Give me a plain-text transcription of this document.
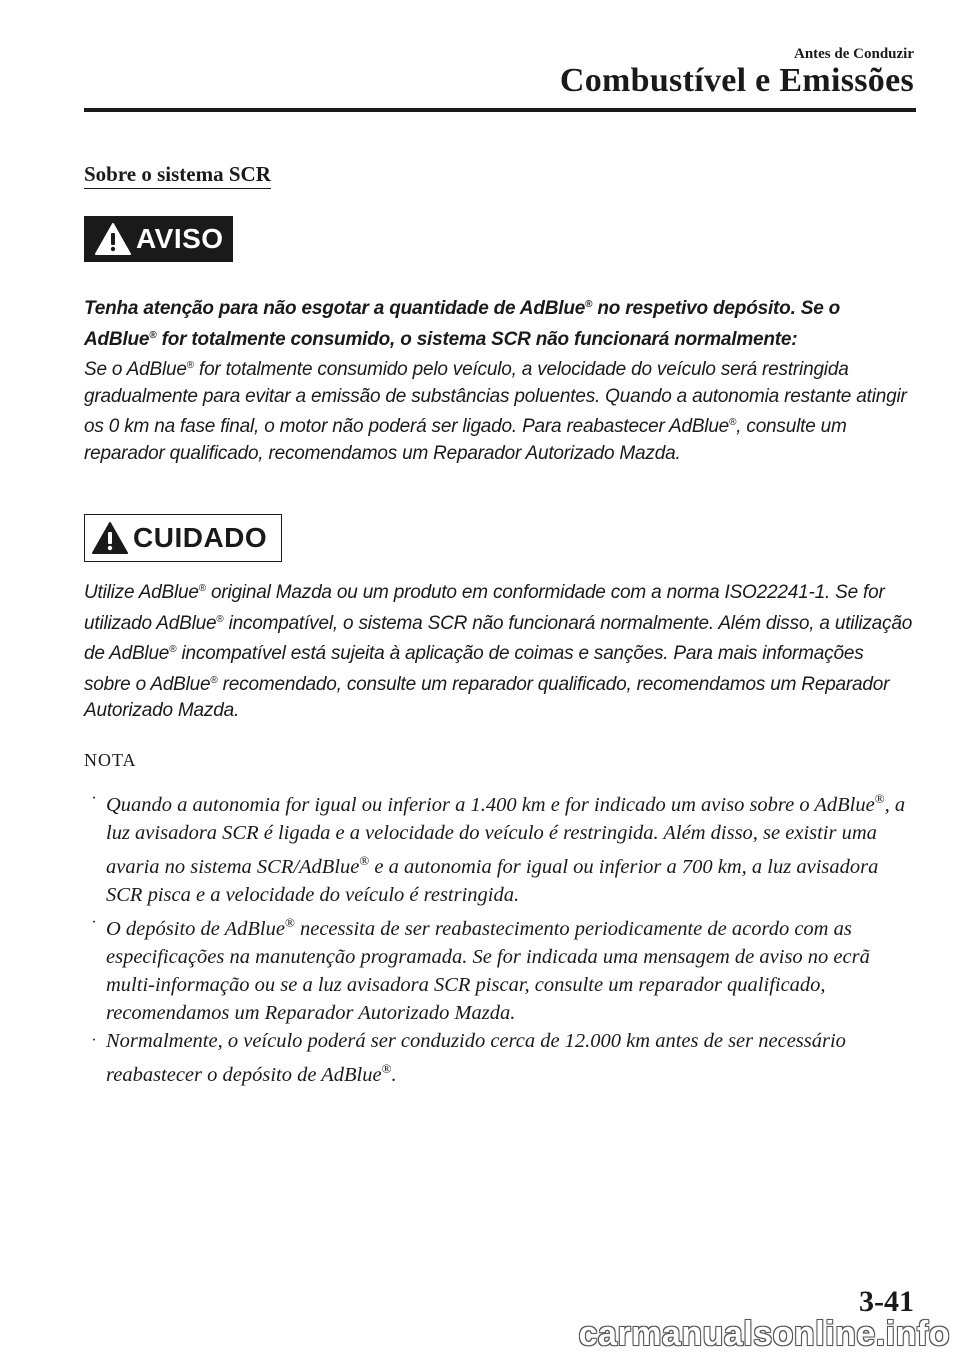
Antes de Conduzir
Combustível e Emissões
Sobre o sistema SCR
AVISO

Tenha atenção para não esgotar a quantidade de AdBlue® no respetivo depósito. Se o
AdBlue® for totalmente consumido, o sistema SCR não funcionará normalmente:

Se o AdBlue® for totalmente consumido pelo veículo, a velocidade do veículo será restringida gradualmente para evitar a emissão de substâncias poluentes. Quando a autonomia restante atingir os 0 km na fase final, o motor não poderá ser ligado. Para reabastecer AdBlue®, consulte um reparador qualificado, recomendamos um Reparador Autorizado Mazda.

CUIDADO

Utilize AdBlue® original Mazda ou um produto em conformidade com a norma ISO22241-1. Se for utilizado AdBlue® incompatível, o sistema SCR não funcionará normalmente. Além disso, a utilização de AdBlue® incompatível está sujeita à aplicação de coimas e sanções. Para mais informações sobre o AdBlue® recomendado, consulte um reparador qualificado, recomendamos um Reparador Autorizado Mazda.

NOTA
· Quando a autonomia for igual ou inferior a 1.400 km e for indicado um aviso sobre o AdBlue®, a luz avisadora SCR é ligada e a velocidade do veículo é restringida. Além disso, se existir uma avaria no sistema SCR/AdBlue® e a autonomia for igual ou inferior a 700 km, a luz avisadora SCR pisca e a velocidade do veículo é restringida.
· O depósito de AdBlue® necessita de ser reabastecimento periodicamente de acordo com as especificações na manutenção programada. Se for indicada uma mensagem de aviso no ecrã multi-informação ou se a luz avisadora SCR piscar, consulte um reparador qualificado, recomendamos um Reparador Autorizado Mazda.
· Normalmente, o veículo poderá ser conduzido cerca de 12.000 km antes de ser necessário reabastecer o depósito de AdBlue®.
3-41
carmanualsonline.info
